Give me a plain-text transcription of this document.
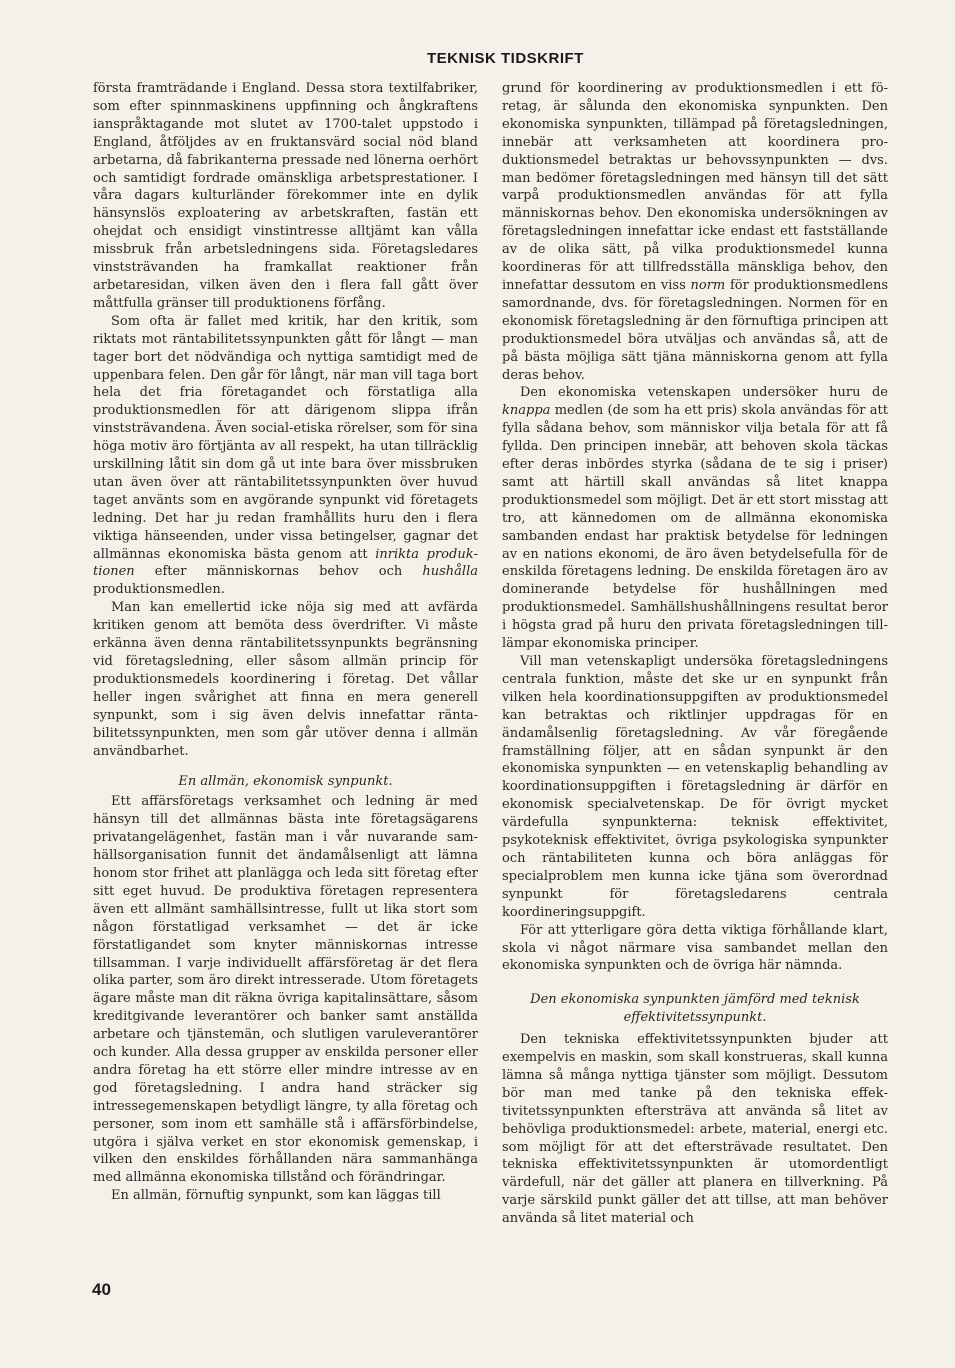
TEKNISK TIDSKRIFT

första framträdande i England. Dessa stora textilfabriker, som efter spinnmaskinens uppfinning och ångkraftens ianspråktagande mot slutet av 1700-talet uppstodo i England, åtföljdes av en fruktansvärd social nöd bland arbetarna, då fabrikanterna pressade ned lönerna oerhört och samtidigt fordrade omänskliga arbetsprestationer. I våra dagars kulturländer förekommer inte en dylik hänsynslös exploatering av arbetskraften, fastän ett ohejdat och ensidigt vinstintresse alltjämt kan vålla missbruk från arbetsledningens sida. Företagsledares vinststrävanden ha framkallat reaktioner från arbetaresidan, vilken även den i flera fall gått över måttfulla gränser till produktionens förfång.

Som ofta är fallet med kritik, har den kritik, som riktats mot räntabilitetssynpunkten gått för långt — man tager bort det nödvändiga och nyttiga samtidigt med de uppenbara felen. Den går för långt, när man vill taga bort hela det fria företagandet och förstatliga alla produktionsmedlen för att därigenom slippa ifrån vinststrävandena. Även social-etiska rörelser, som för sina höga motiv äro förtjänta av all respekt, ha utan tillräcklig urskillning låtit sin dom gå ut inte bara över missbruken utan även över att räntabilitetssynpunkten över huvud taget använts som en avgörande synpunkt vid företagets ledning. Det har ju redan framhållits huru den i flera viktiga hänseenden, under vissa betingelser, gagnar det allmännas ekonomiska bästa genom att inrikta produktionen efter människornas behov och hushålla produktionsmedlen.

Man kan emellertid icke nöja sig med att avfärda kritiken genom att bemöta dess överdrifter. Vi måste erkänna även denna räntabilitetssynpunkts begränsning vid företagsledning, eller såsom allmän princip för produktionsmedels koordinering i företag. Det vållar heller ingen svårighet att finna en mera generell synpunkt, som i sig även delvis innefattar räntabilitetssynpunkten, men som går utöver denna i allmän användbarhet.

En allmän, ekonomisk synpunkt.

Ett affärsföretags verksamhet och ledning är med hänsyn till det allmännas bästa inte företagsägarens privatangelägenhet, fastän man i vår nuvarande samhällsorganisation funnit det ändamålsenligt att lämna honom stor frihet att planlägga och leda sitt företag efter sitt eget huvud. De produktiva företagen representera även ett allmänt samhällsintresse, fullt ut lika stort som någon förstatligad verksamhet — det är icke förstatligandet som knyter människornas intresse tillsamman. I varje individuellt affärsföretag är det flera olika parter, som äro direkt intresserade. Utom företagets ägare måste man dit räkna övriga kapitalinsättare, såsom kreditgivande leverantörer och banker samt anställda arbetare och tjänstemän, och slutligen varuleverantörer och kunder. Alla dessa grupper av enskilda personer eller andra företag ha ett större eller mindre intresse av en god företagsledning. I andra hand sträcker sig intressegemenskapen betydligt längre, ty alla företag och personer, som inom ett samhälle stå i affärsförbindelse, utgöra i själva verket en stor ekonomisk gemenskap, i vilken den enskildes förhållanden nära sammanhänga med allmänna ekonomiska tillstånd och förändringar.

En allmän, förnuftig synpunkt, som kan läggas till

grund för koordinering av produktionsmedlen i ett företag, är sålunda den ekonomiska synpunkten. Den ekonomiska synpunkten, tillämpad på företagsledningen, innebär att verksamheten att koordinera produktionsmedel betraktas ur behovssynpunkten — dvs. man bedömer företagsledningen med hänsyn till det sätt varpå produktionsmedlen användas för att fylla människornas behov. Den ekonomiska undersökningen av företagsledningen innefattar icke endast ett fastställande av de olika sätt, på vilka produktionsmedel kunna koordineras för att tillfredsställa mänskliga behov, den innefattar dessutom en viss norm för produktionsmedlens samordnande, dvs. för företagsledningen. Normen för en ekonomisk företagsledning är den förnuftiga principen att produktionsmedel böra utväljas och användas så, att de på bästa möjliga sätt tjäna människorna genom att fylla deras behov.

Den ekonomiska vetenskapen undersöker huru de knappa medlen (de som ha ett pris) skola användas för att fylla sådana behov, som människor vilja betala för att få fyllda. Den principen innebär, att behoven skola täckas efter deras inbördes styrka (sådana de te sig i priser) samt att härtill skall användas så litet knappa produktionsmedel som möjligt. Det är ett stort misstag att tro, att kännedomen om de allmänna ekonomiska sambanden endast har praktisk betydelse för ledningen av en nations ekonomi, de äro även betydelsefulla för de enskilda företagens ledning. De enskilda företagen äro av dominerande betydelse för hushållningen med produktionsmedel. Samhällshushållningens resultat beror i högsta grad på huru den privata företagsledningen tilllämpar ekonomiska principer.

Vill man vetenskapligt undersöka företagsledningens centrala funktion, måste det ske ur en synpunkt från vilken hela koordinationsuppgiften av produktionsmedel kan betraktas och riktlinjer uppdragas för en ändamålsenlig företagsledning. Av vår föregående framställning följer, att en sådan synpunkt är den ekonomiska synpunkten — en vetenskaplig behandling av koordinationsuppgiften i företagsledning är därför en ekonomisk specialvetenskap. De för övrigt mycket värdefulla synpunkterna: teknisk effektivitet, psykoteknisk effektivitet, övriga psykologiska synpunkter och räntabiliteten kunna och böra anläggas för specialproblem men kunna icke tjäna som överordnad synpunkt för företagsledarens centrala koordineringsuppgift.

För att ytterligare göra detta viktiga förhållande klart, skola vi något närmare visa sambandet mellan den ekonomiska synpunkten och de övriga här nämnda.

Den ekonomiska synpunkten jämförd med teknisk effektivitetssynpunkt.

Den tekniska effektivitetssynpunkten bjuder att exempelvis en maskin, som skall konstrueras, skall kunna lämna så många nyttiga tjänster som möjligt. Dessutom bör man med tanke på den tekniska effektivitetssynpunkten eftersträva att använda så litet av behövliga produktionsmedel: arbete, material, energi etc. som möjligt för att det eftersträvade resultatet. Den tekniska effektivitetssynpunkten är utomordentligt värdefull, när det gäller att planera en tillverkning. På varje särskild punkt gäller det att tillse, att man behöver använda så litet material och

40
